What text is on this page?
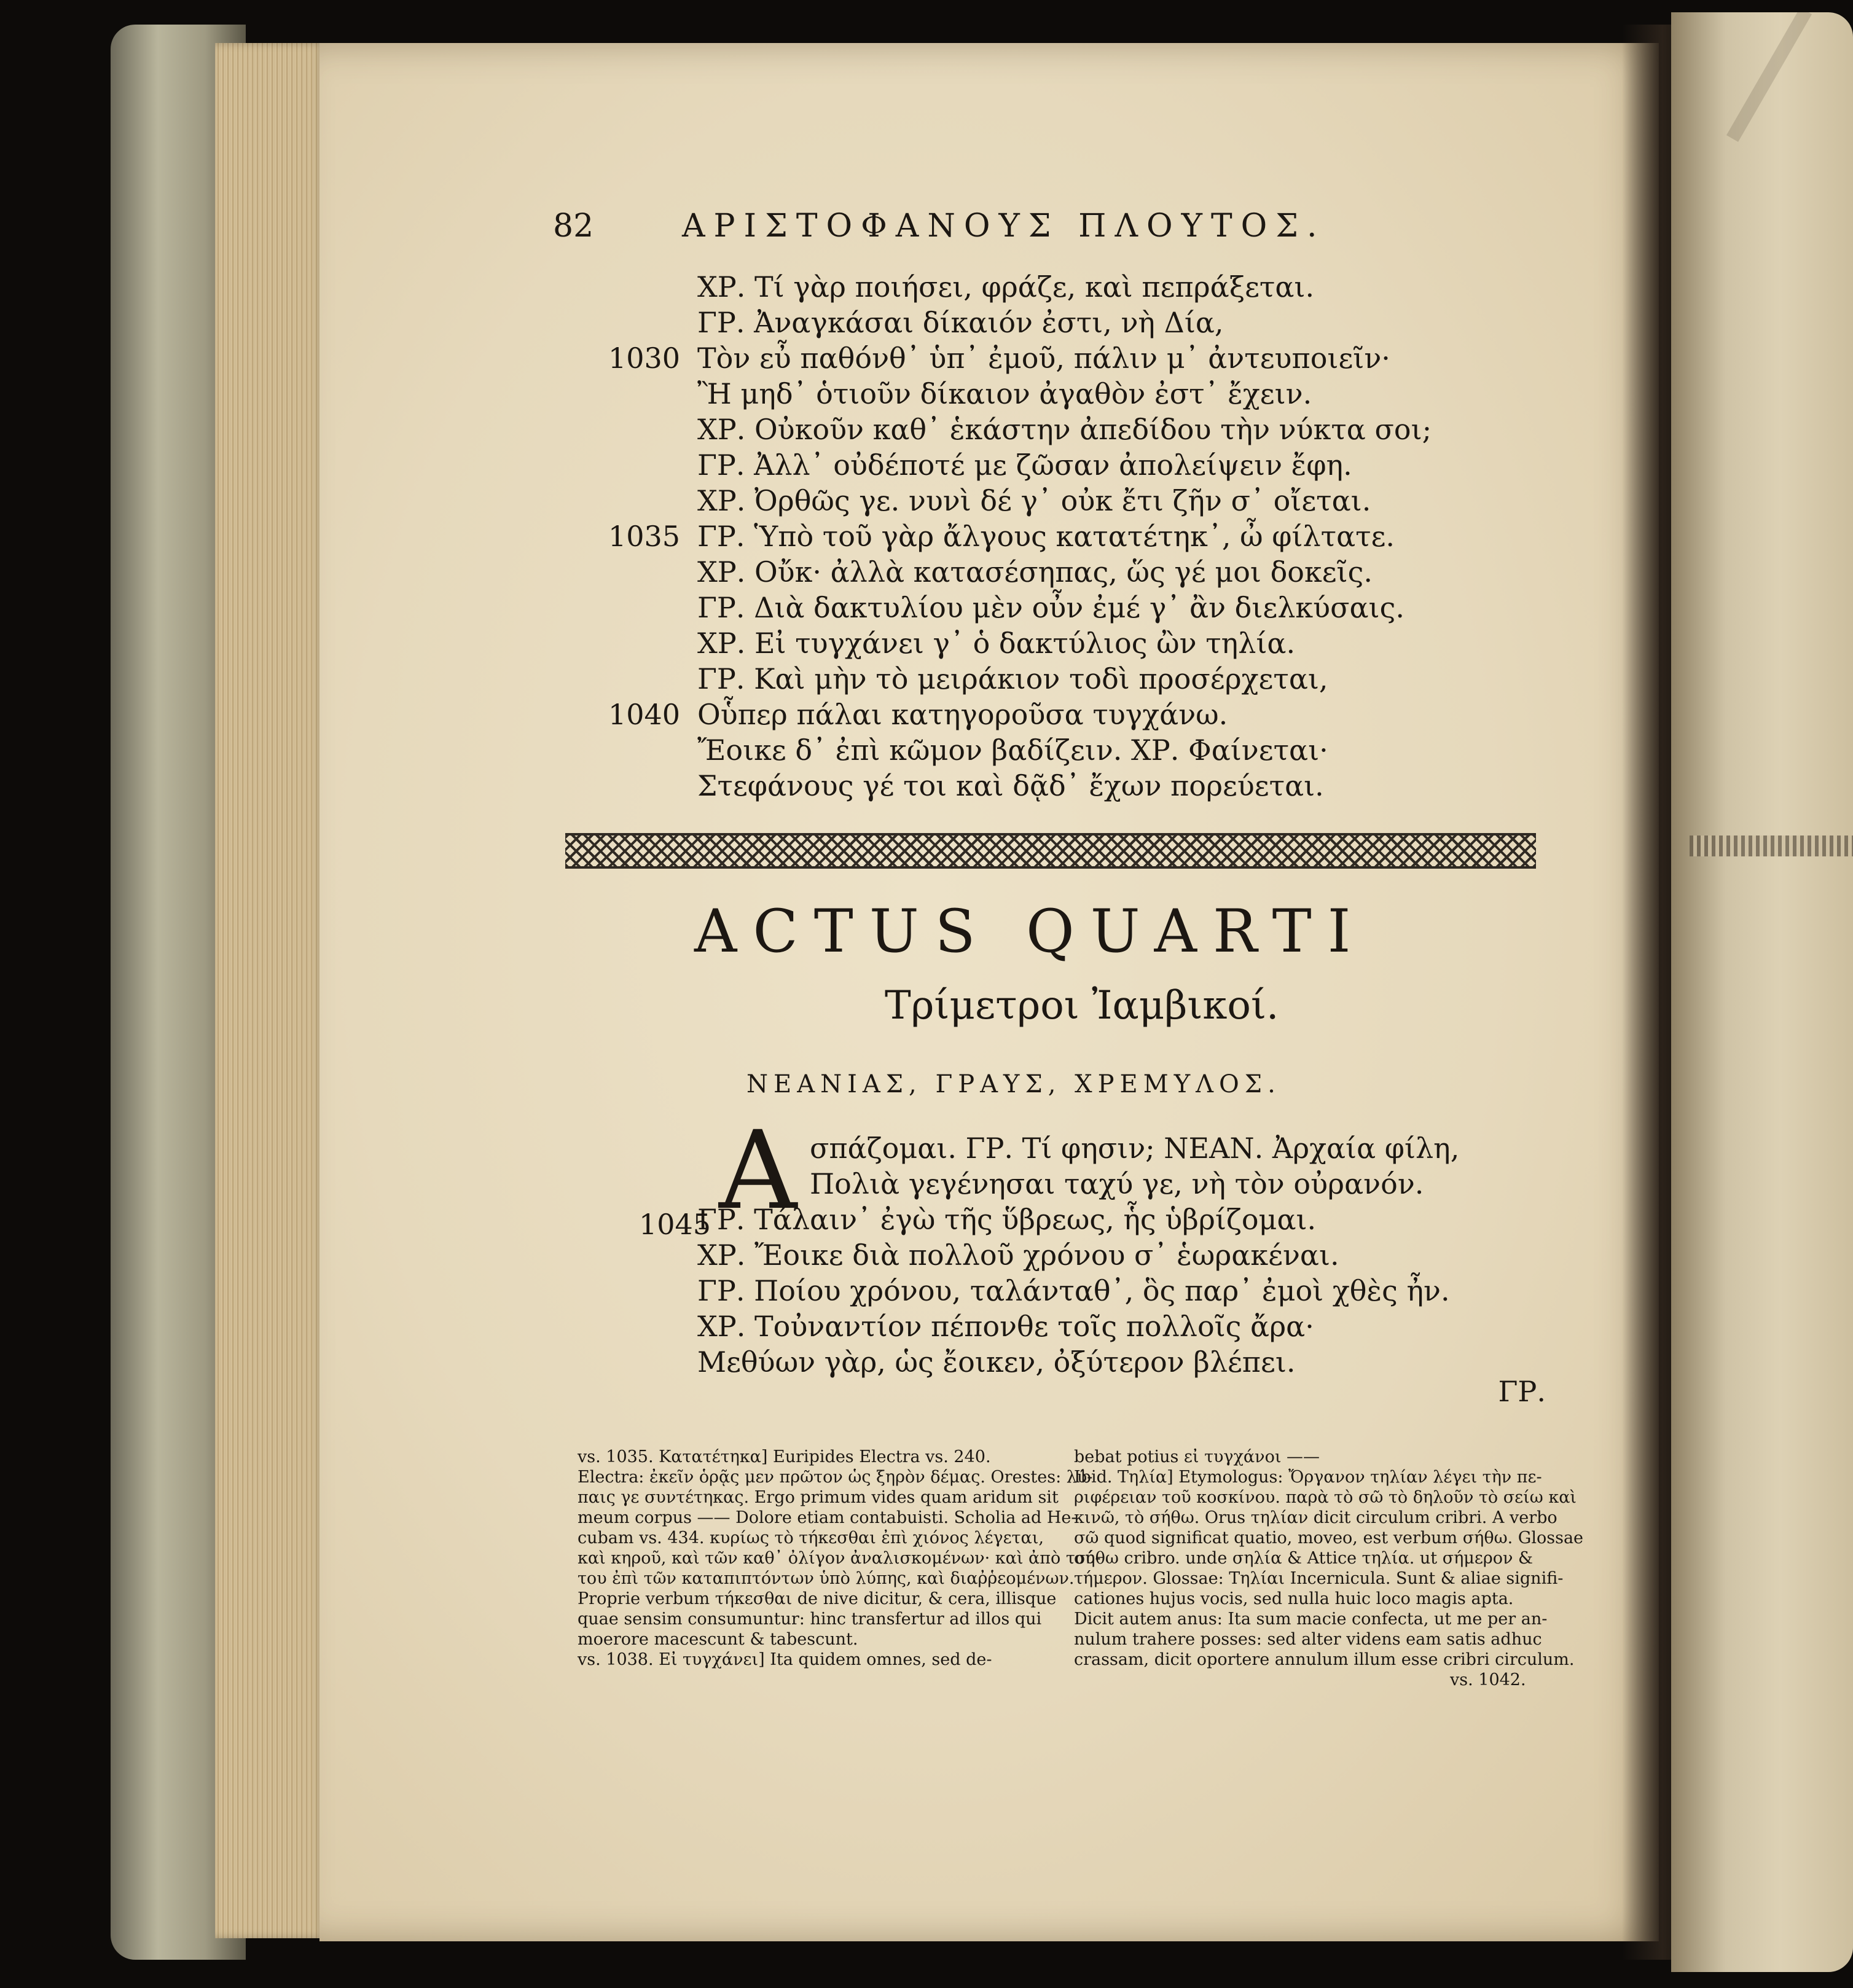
82	ΑΡΙΣΤΟΦΑΝΟΥΣ ΠΛΟΥΤΟΣ.
ΧΡ. Τί γὰρ ποιήσει, φράζε, καὶ πεπράξεται.
ΓΡ. Ἀναγκάσαι δίκαιόν ἐστι, νὴ Δία,
1030 Τὸν εὖ παθόνθ᾽ ὑπ᾽ ἐμοῦ, πάλιν μ᾽ ἀντευποιεῖν·
Ἢ μηδ᾽ ὁτιοῦν δίκαιον ἀγαθὸν ἐστ᾽ ἔχειν.
ΧΡ. Οὐκοῦν καθ᾽ ἑκάστην ἀπεδίδου τὴν νύκτα σοι;
ΓΡ. Ἀλλ᾽ οὐδέποτέ με ζῶσαν ἀπολείψειν ἔφη.
ΧΡ. Ὀρθῶς γε. νυνὶ δέ γ᾽ οὐκ ἔτι ζῆν σ᾽ οἴεται.
1035 ΓΡ. Ὑπὸ τοῦ γὰρ ἄλγους κατατέτηκ᾽, ὦ φίλτατε.
ΧΡ. Οὔκ· ἀλλὰ κατασέσηπας, ὥς γέ μοι δοκεῖς.
ΓΡ. Διὰ δακτυλίου μὲν οὖν ἐμέ γ᾽ ἂν διελκύσαις.
ΧΡ. Εἰ τυγχάνει γ᾽ ὁ δακτύλιος ὢν τηλία.
ΓΡ. Καὶ μὴν τὸ μειράκιον τοδὶ προσέρχεται,
1040 Οὗπερ πάλαι κατηγοροῦσα τυγχάνω.
Ἔοικε δ᾽ ἐπὶ κῶμον βαδίζειν. ΧΡ. Φαίνεται·
Στεφάνους γέ τοι καὶ δᾷδ᾽ ἔχων πορεύεται.
ACTUS QUARTI
Τρίμετροι Ἰαμβικοί.
ΝΕΑΝΙΑΣ, ΓΡΑΥΣ, ΧΡΕΜΥΛΟΣ.
A σπάζομαι. ΓΡ. Τί φησιν; ΝΕΑΝ. Ἀρχαία φίλη,
Πολιὰ γεγένησαι ταχύ γε, νὴ τὸν οὐρανόν.
1045
ΓΡ. Τάλαιν᾽ ἐγὼ τῆς ὕβρεως, ἧς ὑβρίζομαι.
ΧΡ. Ἔοικε διὰ πολλοῦ χρόνου σ᾽ ἑωρακέναι.
ΓΡ. Ποίου χρόνου, ταλάνταθ᾽, ὃς παρ᾽ ἐμοὶ χθὲς ἦν.
ΧΡ. Τοὐναντίον πέπονθε τοῖς πολλοῖς ἄρα·
Μεθύων γὰρ, ὡς ἔοικεν, ὀξύτερον βλέπει.
ΓΡ.
vs. 1035. Κατατέτηκα] Euripides Electra vs. 240.
Electra: ἐκεῖν ὁρᾷς μεν πρῶτον ὡς ξηρὸν δέμας. Orestes: λύ-
παις γε συντέτηκας. Ergo primum vides quam aridum sit
meum corpus —— Dolore etiam contabuisti. Scholia ad He-
cubam vs. 434. κυρίως τὸ τήκεσθαι ἐπὶ χιόνος λέγεται,
καὶ κηροῦ, καὶ τῶν καθ᾽ ὀλίγον ἀναλισκομένων· καὶ ἀπὸ τού-
του ἐπὶ τῶν καταπιπτόντων ὑπὸ λύπης, καὶ διαῤῥεομένων.
Proprie verbum τήκεσθαι de nive dicitur, & cera, illisque
quae sensim consumuntur: hinc transfertur ad illos qui
moerore macescunt & tabescunt.
vs. 1038. Εἰ τυγχάνει] Ita quidem omnes, sed de-
bebat potius εἰ τυγχάνοι ——
Ibid. Τηλία] Etymologus: Ὄργανον τηλίαν λέγει τὴν πε-
ριφέρειαν τοῦ κοσκίνου. παρὰ τὸ σῶ τὸ δηλοῦν τὸ σείω καὶ
κινῶ, τὸ σήθω. Orus τηλίαν dicit circulum cribri. A verbo
σῶ quod significat quatio, moveo, est verbum σήθω. Glossae
σήθω cribro. unde σηλία & Attice τηλία. ut σήμερον &
τήμερον. Glossae: Τηλίαι Incernicula. Sunt & aliae signifi-
cationes hujus vocis, sed nulla huic loco magis apta.
Dicit autem anus: Ita sum macie confecta, ut me per an-
nulum trahere posses: sed alter videns eam satis adhuc
crassam, dicit oportere annulum illum esse cribri circulum.
vs. 1042.
